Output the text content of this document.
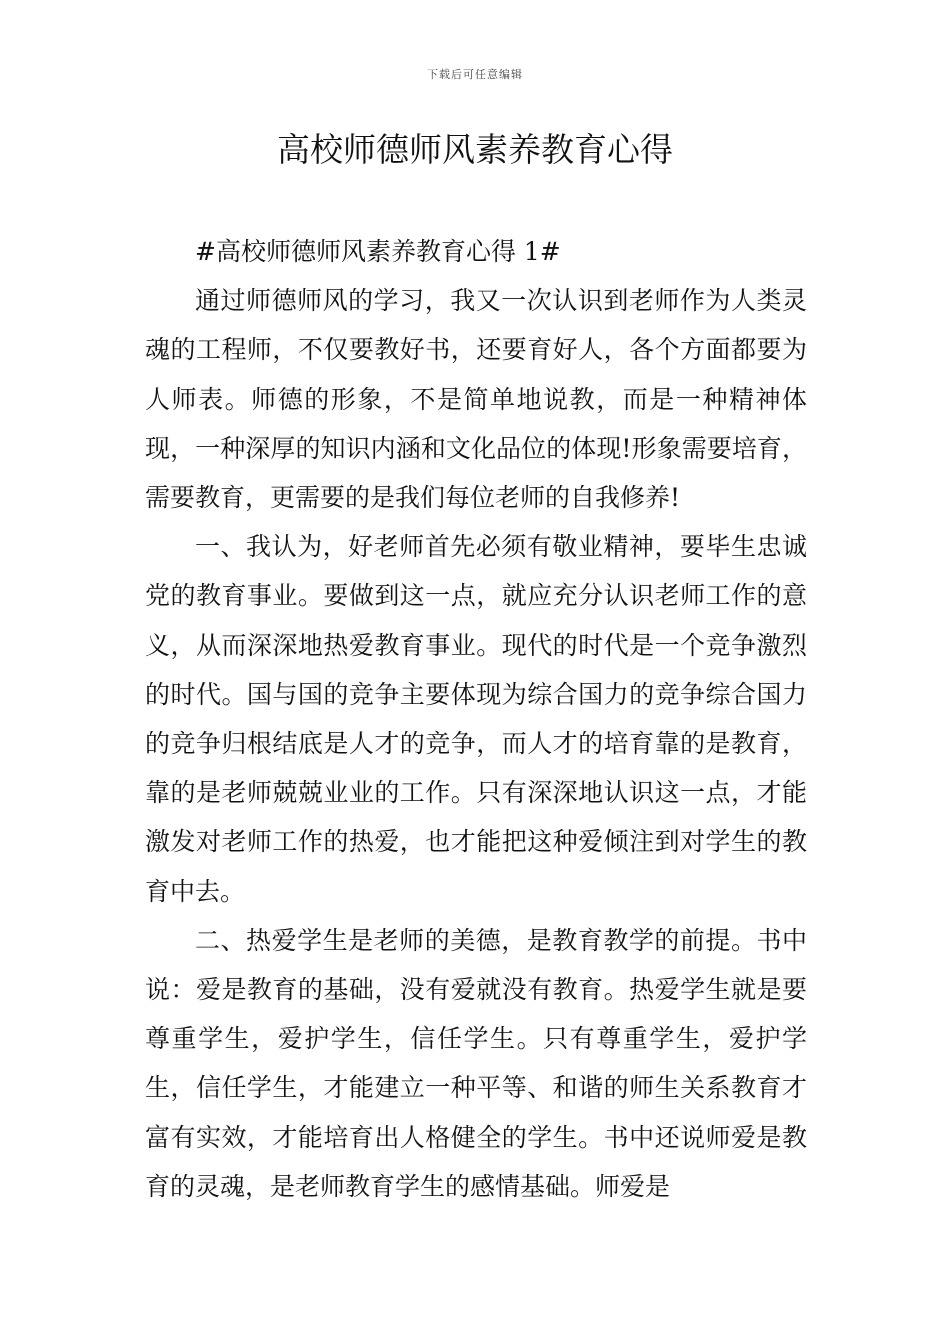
下载后可任意编辑
高校师德师风素养教育心得

#高校师德师风素养教育心得 1#

通过师德师风的学习，我又一次认识到老师作为人类灵魂的工程师，不仅要教好书，还要育好人，各个方面都要为人师表。师德的形象，不是简单地说教，而是一种精神体现，一种深厚的知识内涵和文化品位的体现!形象需要培育，需要教育，更需要的是我们每位老师的自我修养!

一、我认为，好老师首先必须有敬业精神，要毕生忠诚党的教育事业。要做到这一点，就应充分认识老师工作的意义，从而深深地热爱教育事业。现代的时代是一个竞争激烈的时代。国与国的竞争主要体现为综合国力的竞争综合国力的竞争归根结底是人才的竞争，而人才的培育靠的是教育，靠的是老师兢兢业业的工作。只有深深地认识这一点，才能激发对老师工作的热爱，也才能把这种爱倾注到对学生的教育中去。

二、热爱学生是老师的美德，是教育教学的前提。书中说：爱是教育的基础，没有爱就没有教育。热爱学生就是要尊重学生，爱护学生，信任学生。只有尊重学生，爱护学生，信任学生，才能建立一种平等、和谐的师生关系教育才富有实效，才能培育出人格健全的学生。书中还说师爱是教育的灵魂，是老师教育学生的感情基础。师爱是
